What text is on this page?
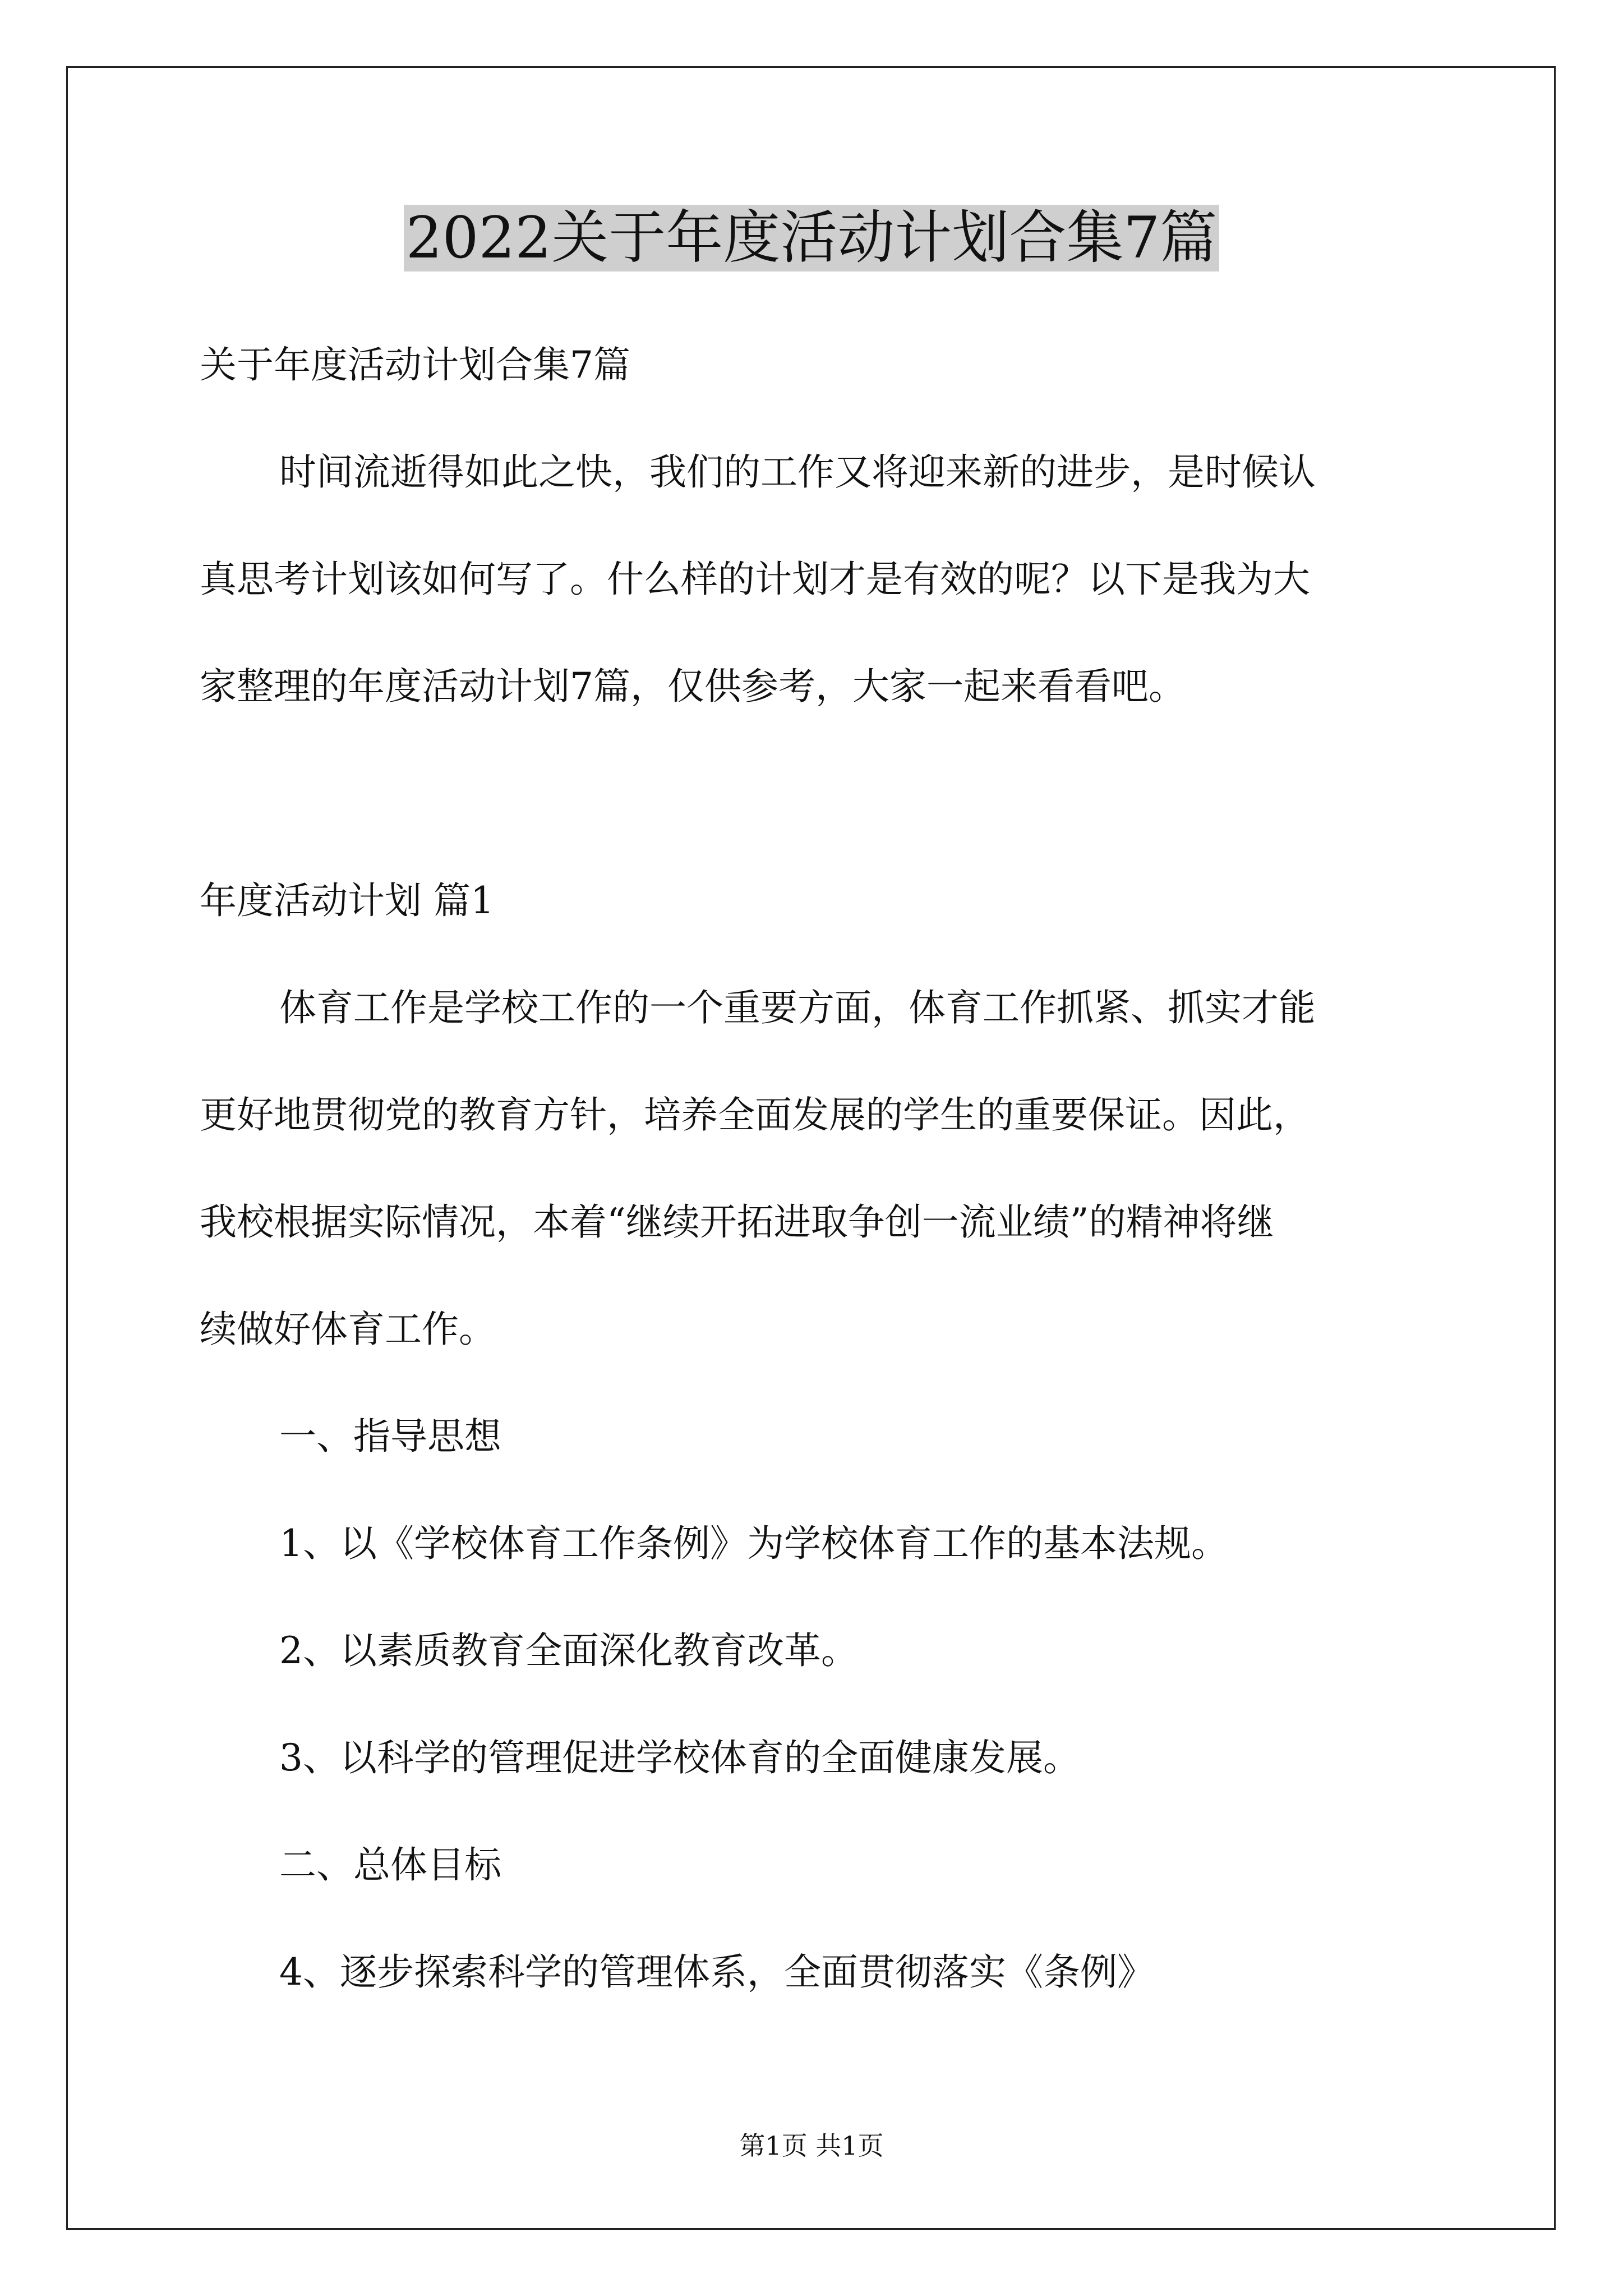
2022关于年度活动计划合集7篇

关于年度活动计划合集7篇

时间流逝得如此之快，我们的工作又将迎来新的进步，是时候认

真思考计划该如何写了。什么样的计划才是有效的呢？以下是我为大

家整理的年度活动计划7篇，仅供参考，大家一起来看看吧。

年度活动计划 篇1

体育工作是学校工作的一个重要方面，体育工作抓紧、抓实才能

更好地贯彻党的教育方针，培养全面发展的学生的重要保证。因此，

我校根据实际情况，本着“继续开拓进取争创一流业绩”的精神将继

续做好体育工作。

一、指导思想

1、以《学校体育工作条例》为学校体育工作的基本法规。

2、以素质教育全面深化教育改革。

3、以科学的管理促进学校体育的全面健康发展。

二、总体目标

4、逐步探索科学的管理体系，全面贯彻落实《条例》

第1页 共1页
